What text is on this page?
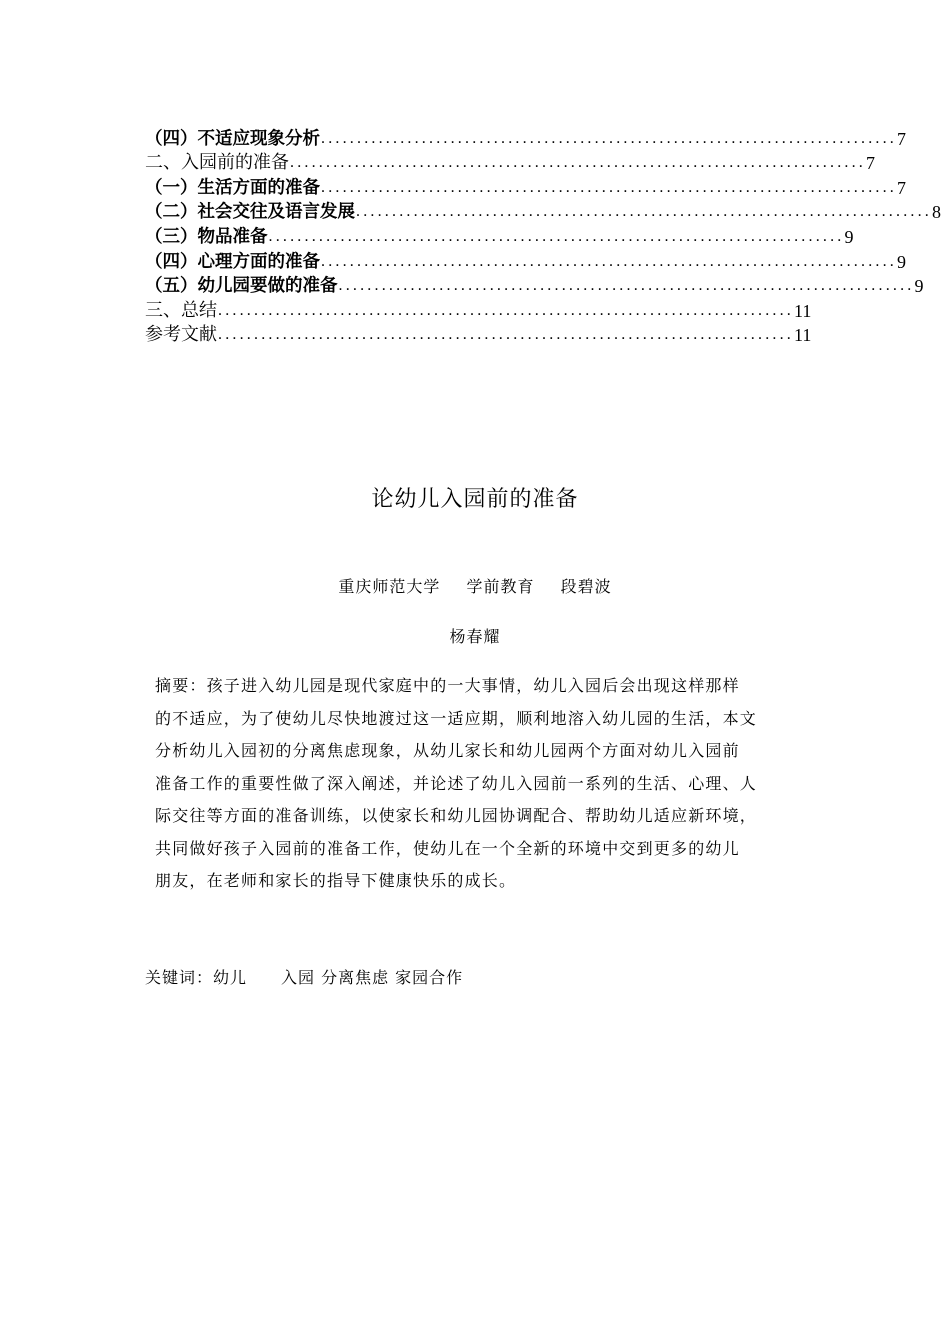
（四）不适应现象分析 ................................................................................ 7
二、入园前的准备 ................................................................................ 7
（一）生活方面的准备 ................................................................................ 7
（二）社会交往及语言发展 ................................................................................ 8
（三）物品准备 ................................................................................ 9
（四）心理方面的准备 ................................................................................ 9
（五）幼儿园要做的准备 ................................................................................ 9
三、总结 ................................................................................ 11
参考文献 ................................................................................ 11
论幼儿入园前的准备
重庆师范大学 学前教育 段碧波
杨春耀
摘要：孩子进入幼儿园是现代家庭中的一大事情，幼儿入园后会出现这样那样
的不适应，为了使幼儿尽快地渡过这一适应期，顺利地溶入幼儿园的生活，本文
分析幼儿入园初的分离焦虑现象，从幼儿家长和幼儿园两个方面对幼儿入园前
准备工作的重要性做了深入阐述，并论述了幼儿入园前一系列的生活、心理、人
际交往等方面的准备训练，以使家长和幼儿园协调配合、帮助幼儿适应新环境，
共同做好孩子入园前的准备工作，使幼儿在一个全新的环境中交到更多的幼儿
朋友，在老师和家长的指导下健康快乐的成长。
关键词：幼儿　　入园 分离焦虑 家园合作
